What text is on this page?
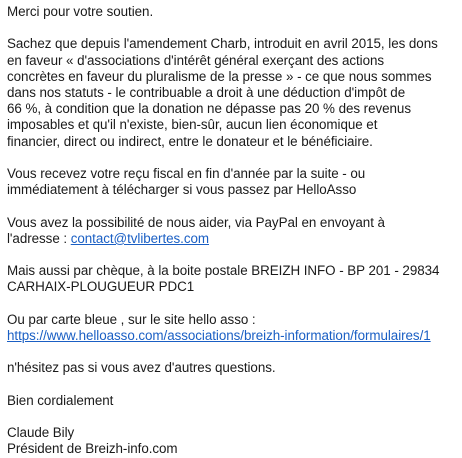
Merci pour votre soutien.

Sachez que depuis l'amendement Charb, introduit en avril 2015, les dons
en faveur « d'associations d'intérêt général exerçant des actions
concrètes en faveur du pluralisme de la presse » - ce que nous sommes
dans nos statuts - le contribuable a droit à une déduction d'impôt de
66 %, à condition que la donation ne dépasse pas 20 % des revenus
imposables et qu'il n'existe, bien-sûr, aucun lien économique et
financier, direct ou indirect, entre le donateur et le bénéficiaire.

Vous recevez votre reçu fiscal en fin d'année par la suite - ou
immédiatement à télécharger si vous passez par HelloAsso

Vous avez la possibilité de nous aider, via PayPal en envoyant à
l'adresse : contact@tvlibertes.com

Mais aussi par chèque, à la boite postale BREIZH INFO - BP 201 - 29834
CARHAIX-PLOUGUEUR PDC1

Ou par carte bleue , sur le site hello asso :
https://www.helloasso.com/associations/breizh-information/formulaires/1

n'hésitez pas si vous avez d'autres questions.

Bien cordialement

Claude Bily
Président de Breizh-info.com
